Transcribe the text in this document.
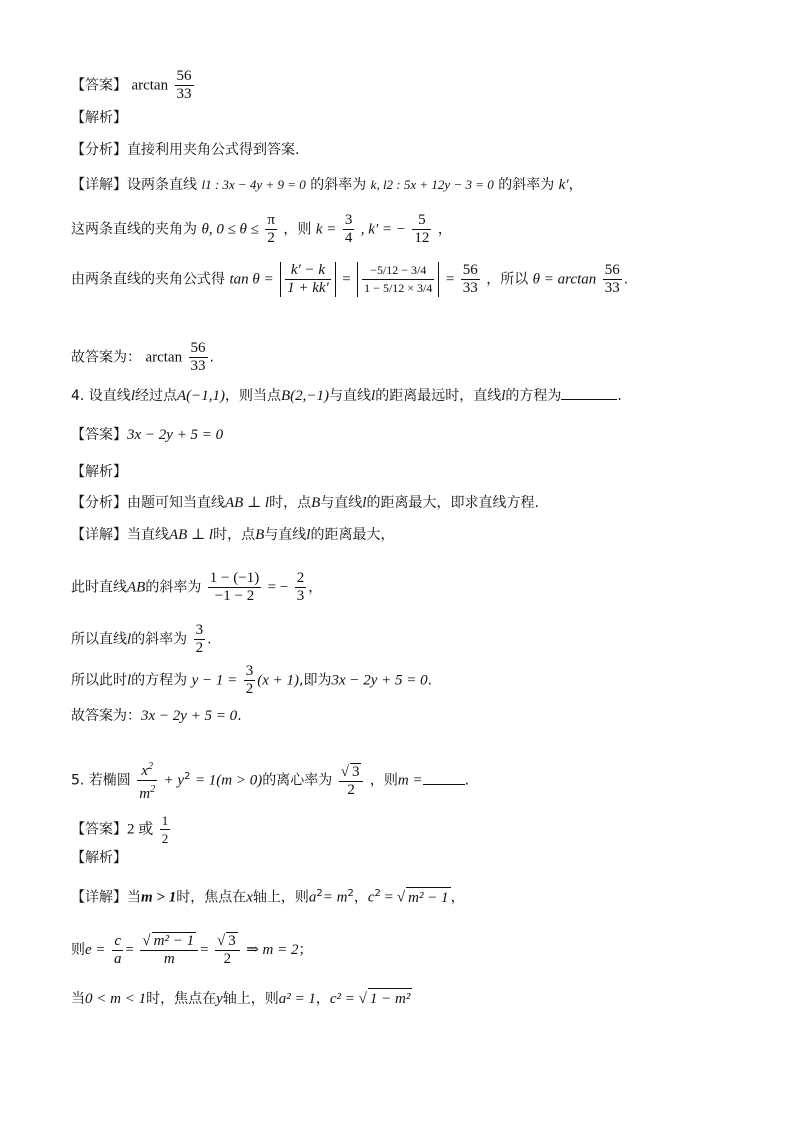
【答案】 $\arctan \frac{56}{33}$
【解析】
【分析】直接利用夹角公式得到答案.
【详解】设两条直线 l1 : 3x − 4y + 9 = 0 的斜率为 k, l2 : 5x + 12y − 3 = 0 的斜率为 k′，
这两条直线的夹角为 θ, $0 \le \theta \le \frac{\pi}{2}$ ，则 $k = \frac{3}{4}$ , k′ = − $\frac{5}{12}$ ，
由两条直线的夹角公式得 $\tan \theta = \frac{k' - k}{1 + kk'} = \frac{-5/12 - 3/4}{1 - 5/12 \times 3/4} = \frac{56}{33}$ ，所以 $\theta = \arctan \frac{56}{33}$ .
故答案为： $\arctan \frac{56}{33}$ .
4. 设直线l经过点A(−1,1)，则当点B(2,−1)与直线l的距离最远时，直线l的方程为	.
【答案】3x − 2y + 5 = 0
【解析】
【分析】由题可知当直线AB ⊥ l时，点B与直线l的距离最大，即求直线方程.
【详解】当直线AB ⊥ l时，点B与直线l的距离最大，
此时直线AB的斜率为 $\frac{1 - (-1)}{-1 - 2}$ = − $\frac{2}{3}$ ，
所以直线l的斜率为 $\frac{3}{2}$ .
所以此时l的方程为 $y - 1 = \frac{3}{2} (x + 1)$,即为3x − 2y + 5 = 0.
故答案为：3x − 2y + 5 = 0.
5. 若椭圆 $\frac{x^2}{m^2} + y^2 = 1(m > 0)$的离心率为 $\frac{√ 3}{2}$ ，则m =	.
【答案】2 或 $\frac{1}{2}$
【解析】
【详解】当m > 1时，焦点在x轴上，则$a^2= m^2$，$c^2$ = √ m² − 1 ，
则$e = \frac{c}{a} = \frac{\text{√ m² − 1}}{m} = \frac{√ 3}{2}$ ⇒ m = 2；
当0 < m < 1时，焦点在y轴上，则a² = 1，c² = √ 1 − m²
